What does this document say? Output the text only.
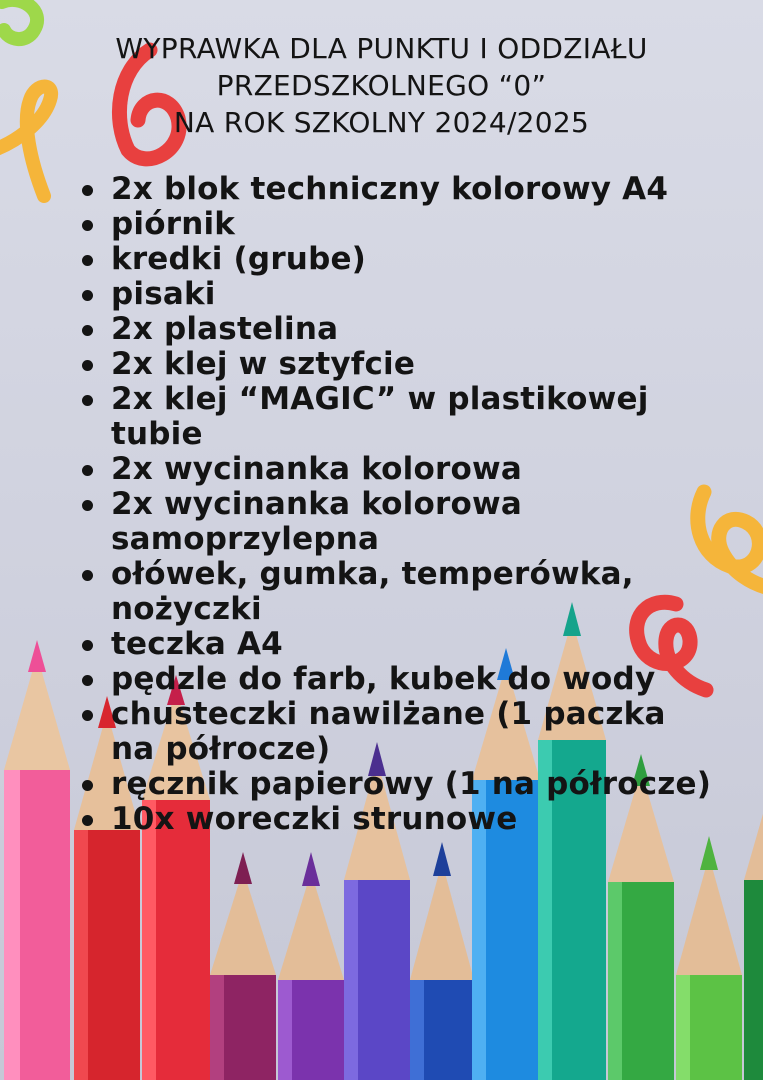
WYPRAWKA DLA PUNKTU I ODDZIAŁU
PRZEDSZKOLNEGO “0”
NA ROK SZKOLNY 2024/2025
2x blok techniczny kolorowy A4
piórnik
kredki (grube)
pisaki
2x plastelina
2x klej w sztyfcie
2x klej “MAGIC” w plastikowej tubie
2x wycinanka kolorowa
2x wycinanka kolorowa samoprzylepna
ołówek, gumka, temperówka, nożyczki
teczka A4
pędzle do farb, kubek do wody
chusteczki nawilżane (1 paczka na półrocze)
ręcznik papierowy (1 na półrocze)
10x woreczki strunowe
